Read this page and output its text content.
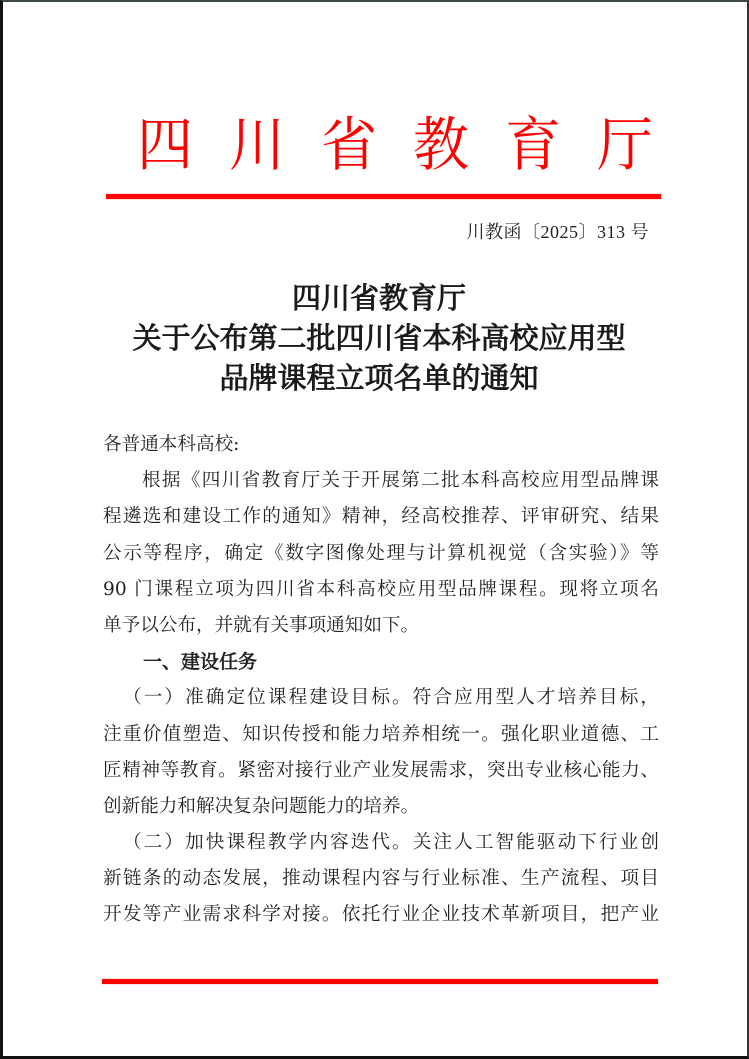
四 川 省 教 育 厅
川教函〔2025〕313 号
四川省教育厅
关于公布第二批四川省本科高校应用型
品牌课程立项名单的通知
各普通本科高校:
根据《四川省教育厅关于开展第二批本科高校应用型品牌课
程遴选和建设工作的通知》精神，经高校推荐、评审研究、结果
公示等程序，确定《数字图像处理与计算机视觉（含实验）》等
90 门课程立项为四川省本科高校应用型品牌课程。现将立项名
单予以公布，并就有关事项通知如下。
一、建设任务
（一）准确定位课程建设目标。符合应用型人才培养目标，
注重价值塑造、知识传授和能力培养相统一。强化职业道德、工
匠精神等教育。紧密对接行业产业发展需求，突出专业核心能力、
创新能力和解决复杂问题能力的培养。
（二）加快课程教学内容迭代。关注人工智能驱动下行业创
新链条的动态发展，推动课程内容与行业标准、生产流程、项目
开发等产业需求科学对接。依托行业企业技术革新项目，把产业
